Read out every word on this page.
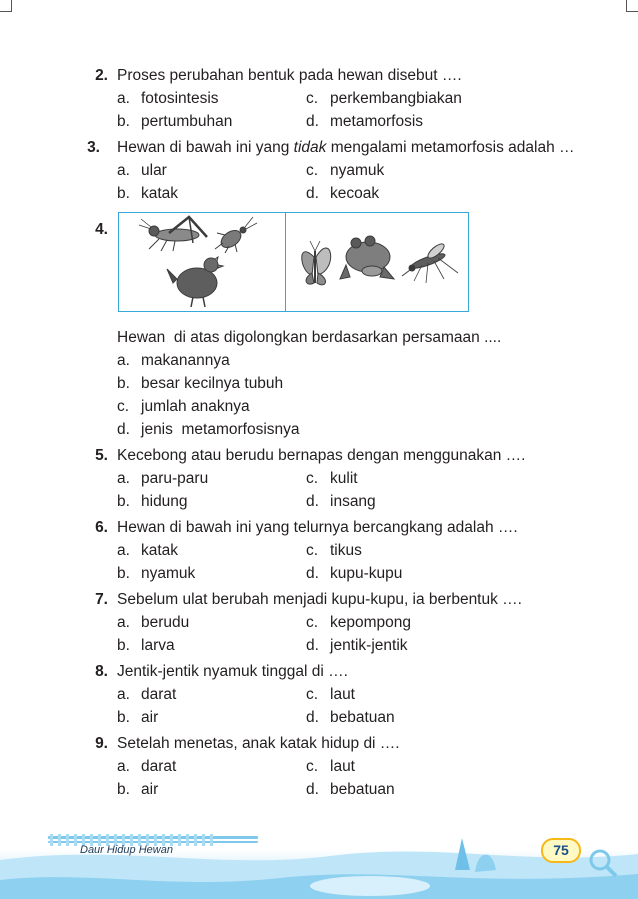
2. Proses perubahan bentuk pada hewan disebut ….
a. fotosintesis	c. perkembangbiakan
b. pertumbuhan	d. metamorfosis
3. Hewan di bawah ini yang tidak mengalami metamorfosis adalah …
a. ular	c. nyamuk
b. katak	d. kecoak
4.
Hewan  di atas digolongkan berdasarkan persamaan ....
a. makanannya
b. besar kecilnya tubuh
c. jumlah anaknya
d. jenis  metamorfosisnya
5. Kecebong atau berudu bernapas dengan menggunakan ….
a. paru-paru	c. kulit
b. hidung	d. insang
6. Hewan di bawah ini yang telurnya bercangkang adalah ….
a. katak	c. tikus
b. nyamuk	d. kupu-kupu
7. Sebelum ulat berubah menjadi kupu-kupu, ia berbentuk ….
a. berudu	c. kepompong
b. larva	d. jentik-jentik
8. Jentik-jentik nyamuk tinggal di ….
a. darat	c. laut
b. air	d. bebatuan
9. Setelah menetas, anak katak hidup di ….
a. darat	c. laut
b. air	d. bebatuan
Daur Hidup Hewan	75
